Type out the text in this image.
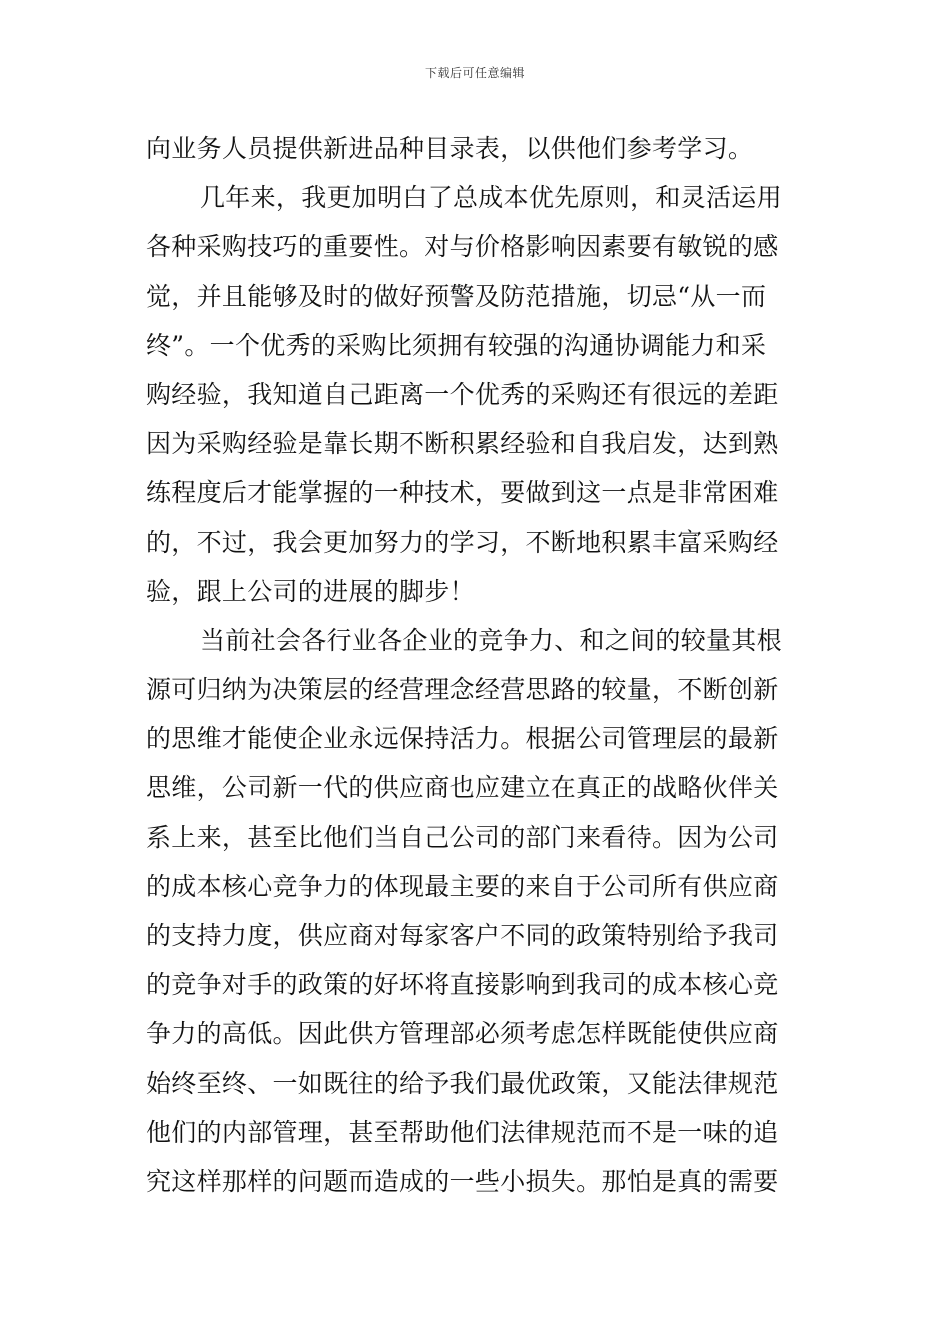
下载后可任意编辑
向业务人员提供新进品种目录表，以供他们参考学习。
几年来，我更加明白了总成本优先原则，和灵活运用
各种采购技巧的重要性。对与价格影响因素要有敏锐的感
觉，并且能够及时的做好预警及防范措施，切忌“从一而
终”。一个优秀的采购比须拥有较强的沟通协调能力和采
购经验，我知道自己距离一个优秀的采购还有很远的差距
因为采购经验是靠长期不断积累经验和自我启发，达到熟
练程度后才能掌握的一种技术，要做到这一点是非常困难
的，不过，我会更加努力的学习，不断地积累丰富采购经
验，跟上公司的进展的脚步！
当前社会各行业各企业的竞争力、和之间的较量其根
源可归纳为决策层的经营理念经营思路的较量，不断创新
的思维才能使企业永远保持活力。根据公司管理层的最新
思维，公司新一代的供应商也应建立在真正的战略伙伴关
系上来，甚至比他们当自己公司的部门来看待。因为公司
的成本核心竞争力的体现最主要的来自于公司所有供应商
的支持力度，供应商对每家客户不同的政策特别给予我司
的竞争对手的政策的好坏将直接影响到我司的成本核心竞
争力的高低。因此供方管理部必须考虑怎样既能使供应商
始终至终、一如既往的给予我们最优政策，又能法律规范
他们的内部管理，甚至帮助他们法律规范而不是一味的追
究这样那样的问题而造成的一些小损失。那怕是真的需要
